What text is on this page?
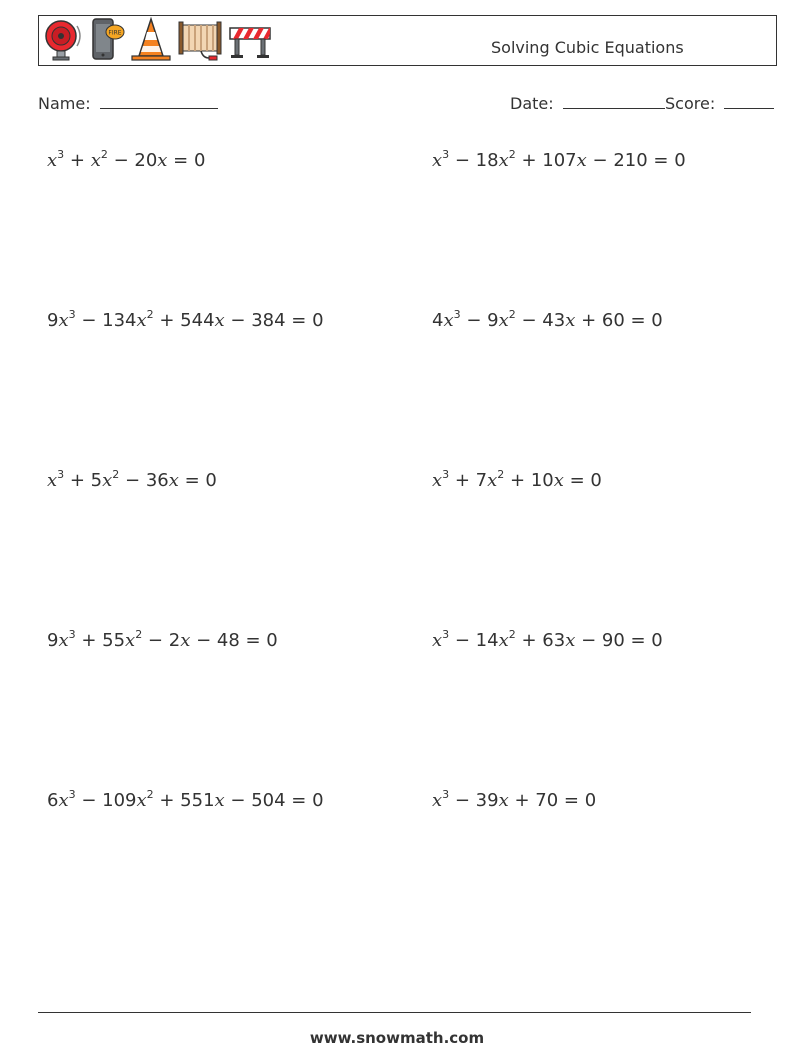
FIRE
Solving Cubic Equations
Name:	Date:	Score:
$x^3 + x^2 - 20x = 0$	$x^3 - 18x^2 + 107x - 210 = 0$
$9x^3 - 134x^2 + 544x - 384 = 0$	$4x^3 - 9x^2 - 43x + 60 = 0$
$x^3 + 5x^2 - 36x = 0$	$x^3 + 7x^2 + 10x = 0$
$9x^3 + 55x^2 - 2x - 48 = 0$	$x^3 - 14x^2 + 63x - 90 = 0$
$6x^3 - 109x^2 + 551x - 504 = 0$	$x^3 - 39x + 70 = 0$
www.snowmath.com
